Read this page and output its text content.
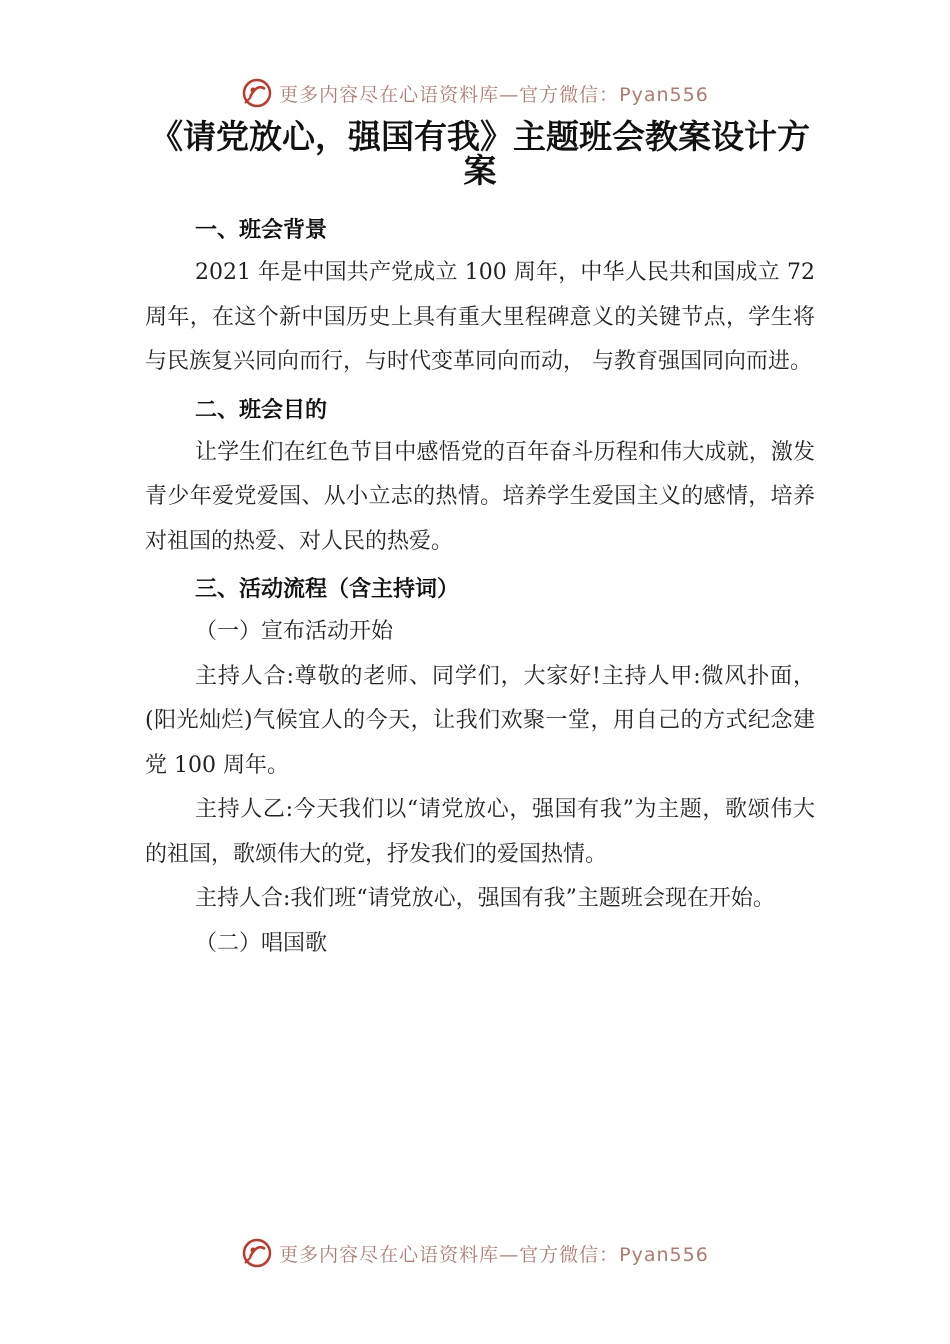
更多内容尽在心语资料库—官方微信：Pyan556
《请党放心，强国有我》主题班会教案设计方案

一、班会背景

2021 年是中国共产党成立 100 周年，中华人民共和国成立 72 周年，在这个新中国历史上具有重大里程碑意义的关键节点，学生将与民族复兴同向而行，与时代变革同向而动， 与教育强国同向而进。

二、班会目的

让学生们在红色节目中感悟党的百年奋斗历程和伟大成就，激发青少年爱党爱国、从小立志的热情。培养学生爱国主义的感情，培养对祖国的热爱、对人民的热爱。

三、活动流程（含主持词）

（一）宣布活动开始

主持人合:尊敬的老师、同学们，大家好!主持人甲:微风扑面，(阳光灿烂)气候宜人的今天，让我们欢聚一堂，用自己的方式纪念建党 100 周年。

主持人乙:今天我们以“请党放心，强国有我”为主题，歌颂伟大的祖国，歌颂伟大的党，抒发我们的爱国热情。

主持人合:我们班“请党放心，强国有我”主题班会现在开始。

（二）唱国歌

更多内容尽在心语资料库—官方微信：Pyan556
